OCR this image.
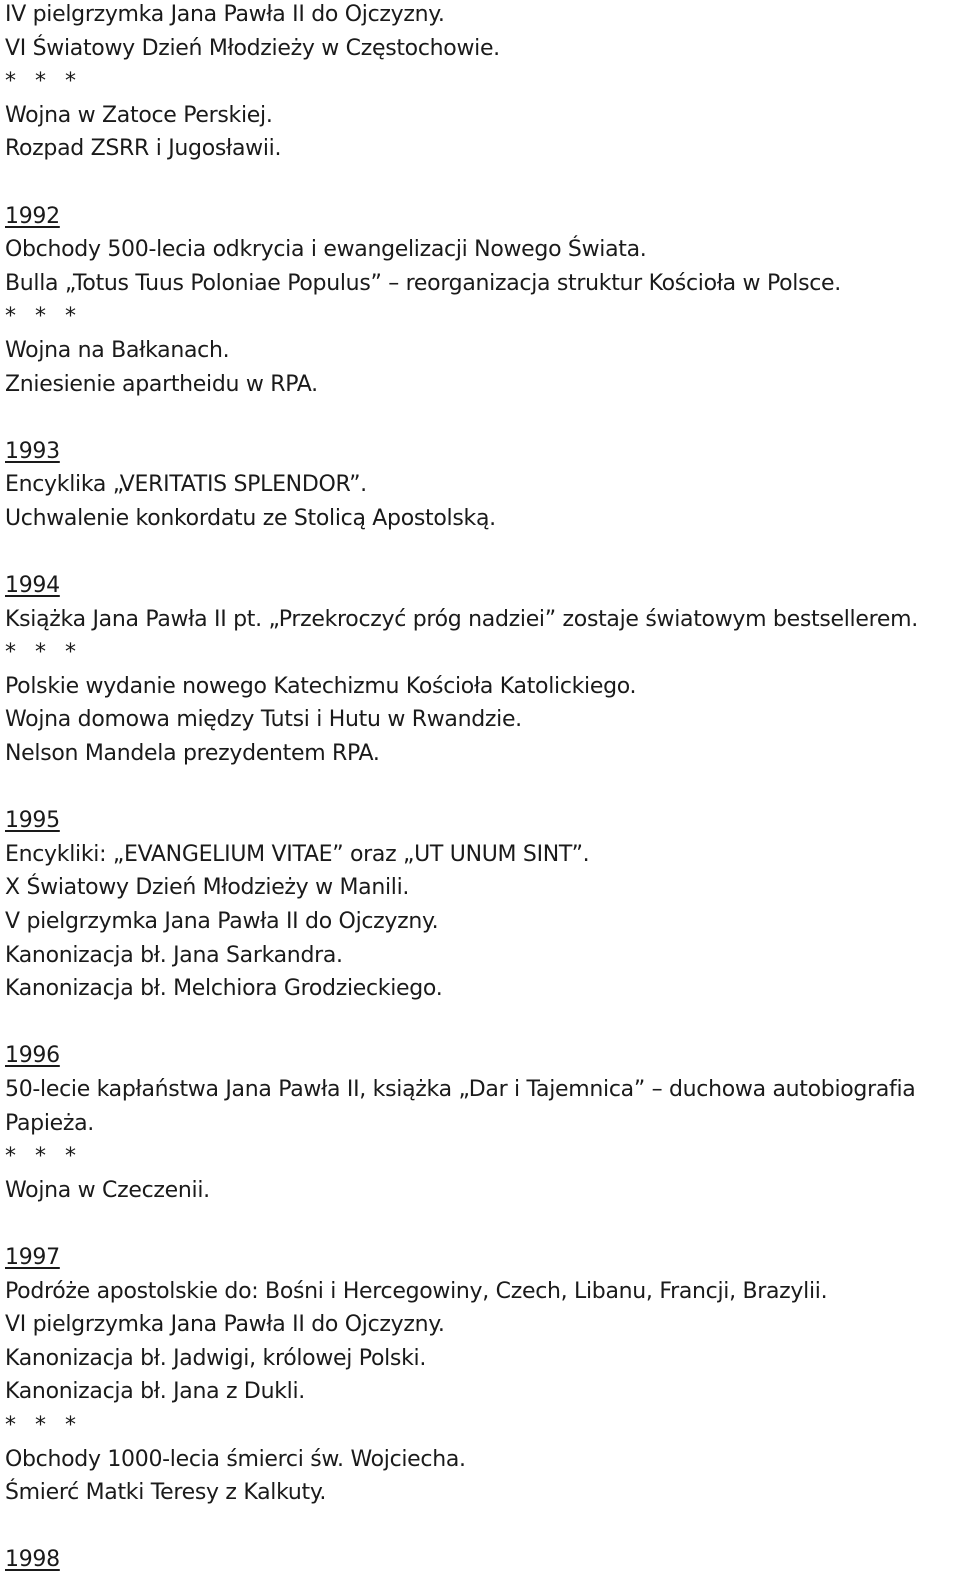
IV pielgrzymka Jana Pawła II do Ojczyzny.
VI Światowy Dzień Młodzieży w Częstochowie.
* * *
Wojna w Zatoce Perskiej.
Rozpad ZSRR i Jugosławii.
1992
Obchody 500-lecia odkrycia i ewangelizacji Nowego Świata.
Bulla „Totus Tuus Poloniae Populus” – reorganizacja struktur Kościoła w Polsce.
* * *
Wojna na Bałkanach.
Zniesienie apartheidu w RPA.
1993
Encyklika „VERITATIS SPLENDOR”.
Uchwalenie konkordatu ze Stolicą Apostolską.
1994
Książka Jana Pawła II pt. „Przekroczyć próg nadziei” zostaje światowym bestsellerem.
* * *
Polskie wydanie nowego Katechizmu Kościoła Katolickiego.
Wojna domowa między Tutsi i Hutu w Rwandzie.
Nelson Mandela prezydentem RPA.
1995
Encykliki: „EVANGELIUM VITAE” oraz „UT UNUM SINT”.
X Światowy Dzień Młodzieży w Manili.
V pielgrzymka Jana Pawła II do Ojczyzny.
Kanonizacja bł. Jana Sarkandra.
Kanonizacja bł. Melchiora Grodzieckiego.
1996
50-lecie kapłaństwa Jana Pawła II, książka „Dar i Tajemnica” – duchowa autobiografia
Papieża.
* * *
Wojna w Czeczenii.
1997
Podróże apostolskie do: Bośni i Hercegowiny, Czech, Libanu, Francji, Brazylii.
VI pielgrzymka Jana Pawła II do Ojczyzny.
Kanonizacja bł. Jadwigi, królowej Polski.
Kanonizacja bł. Jana z Dukli.
* * *
Obchody 1000-lecia śmierci św. Wojciecha.
Śmierć Matki Teresy z Kalkuty.
1998
